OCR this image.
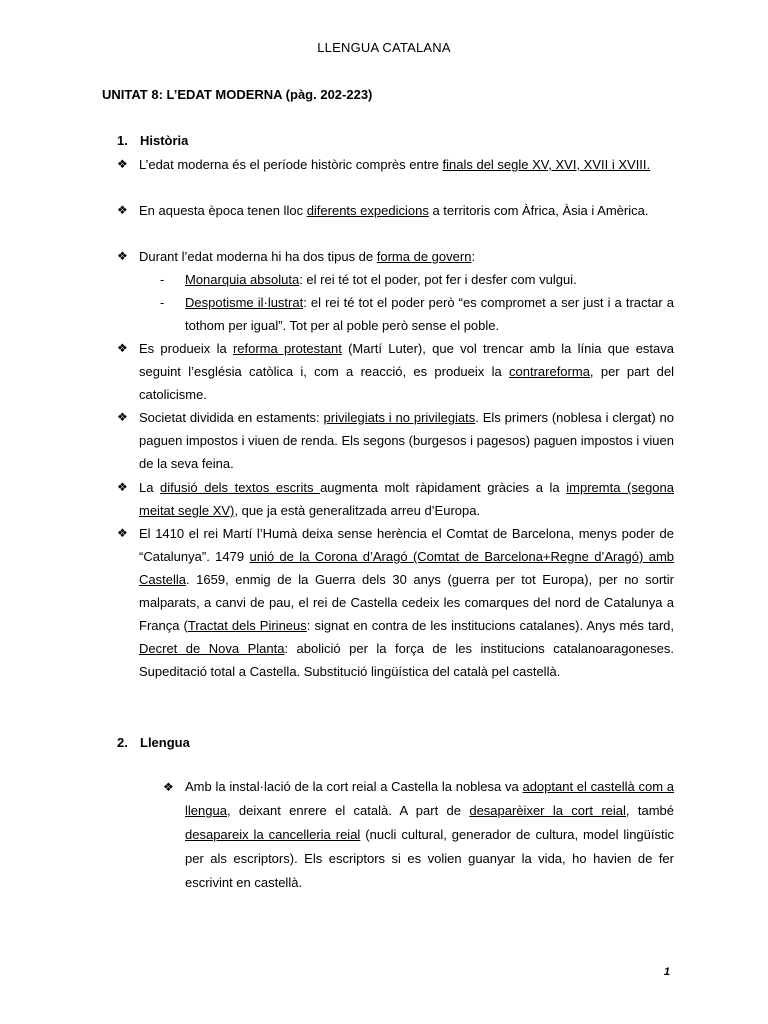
LLENGUA CATALANA
UNITAT 8: L’EDAT MODERNA (pàg. 202-223)
1. Història
❖ L’edat moderna és el període històric comprès entre finals del segle XV, XVI, XVII i XVIII.
❖ En aquesta època tenen lloc diferents expedicions a territoris com Àfrica, Àsia i Amèrica.
❖ Durant l’edat moderna hi ha dos tipus de forma de govern:
- Monarquia absoluta: el rei té tot el poder, pot fer i desfer com vulgui.
- Despotisme il·lustrat: el rei té tot el poder però “es compromet a ser just i a tractar a tothom per igual”. Tot per al poble però sense el poble.
❖ Es produeix la reforma protestant (Martí Luter), que vol trencar amb la línia que estava seguint l’església catòlica i, com a reacció, es produeix la contrareforma, per part del catolicisme.
❖ Societat dividida en estaments: privilegiats i no privilegiats. Els primers (noblesa i clergat) no paguen impostos i viuen de renda. Els segons (burgesos i pagesos) paguen impostos i viuen de la seva feina.
❖ La difusió dels textos escrits augmenta molt ràpidament gràcies a la impremta (segona meitat segle XV), que ja està generalitzada arreu d’Europa.
❖ El 1410 el rei Martí l’Humà deixa sense herència el Comtat de Barcelona, menys poder de “Catalunya”. 1479 unió de la Corona d’Aragó (Comtat de Barcelona+Regne d’Aragó) amb Castella. 1659, enmig de la Guerra dels 30 anys (guerra per tot Europa), per no sortir malparats, a canvi de pau, el rei de Castella cedeix les comarques del nord de Catalunya a França (Tractat dels Pirineus: signat en contra de les institucions catalanes). Anys més tard, Decret de Nova Planta: abolició per la força de les institucions catalanoaragoneses. Supeditació total a Castella. Substitució lingüística del català pel castellà.
2. Llengua
❖ Amb la instal·lació de la cort reial a Castella la noblesa va adoptant el castellà com a llengua, deixant enrere el català. A part de desaparèixer la cort reial, també desapareix la cancelleria reial (nucli cultural, generador de cultura, model lingüístic per als escriptors). Els escriptors si es volien guanyar la vida, ho havien de fer escrivint en castellà.
1
